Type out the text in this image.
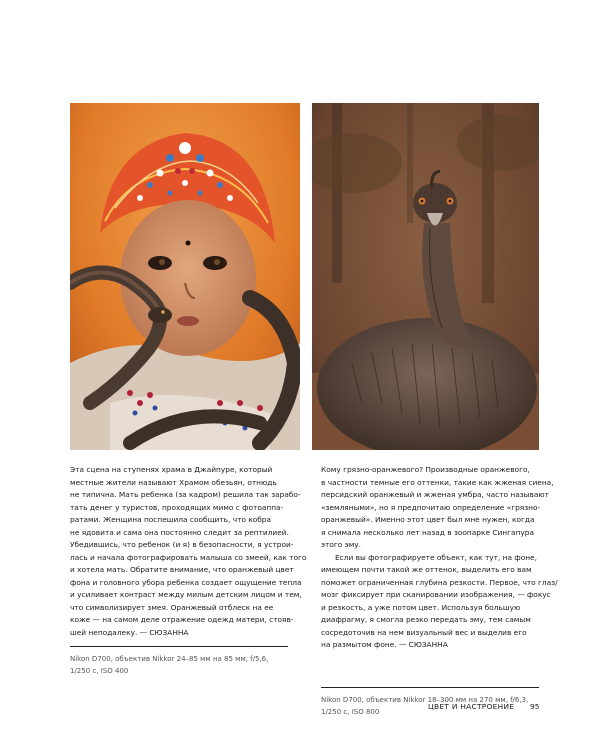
Эта сцена на ступенях храма в Джайпуре, который
местные жители называют Храмом обезьян, отнюдь
не типична. Мать ребенка (за кадром) решила так зарабо-
тать денег у туристов, проходящих мимо с фотоаппа-
ратами. Женщина поспешила сообщить, что кобра
не ядовита и сама она постоянно следит за рептилией.
Убедившись, что ребенок (и я) в безопасности, я устрои-
лась и начала фотографировать малыша со змеей, как того
и хотела мать. Обратите внимание, что оранжевый цвет
фона и головного убора ребенка создает ощущение тепла
и усиливает контраст между милым детским лицом и тем,
что символизирует змея. Оранжевый отблеск на ее
коже — на самом деле отражение одежд матери, стояв-
шей неподалеку. — СЮЗАННА

Nikon D700, объектив Nikkor 24–85 мм на 85 мм, f/5,6,
1/250 с, ISO 400

Кому грязно-оранжевого? Производные оранжевого,
в частности темные его оттенки, такие как жженая сиена,
персидский оранжевый и жженая умбра, часто называют
«земляными», но я предпочитаю определение «грязно-
оранжевый». Именно этот цвет был мне нужен, когда
я снимала несколько лет назад в зоопарке Сингапура
этого эму.

Если вы фотографируете объект, как тут, на фоне,
имеющем почти такой же оттенок, выделить его вам
поможет ограниченная глубина резкости. Первое, что глаз/
мозг фиксирует при сканировании изображения, — фокус
и резкость, а уже потом цвет. Используя большую
диафрагму, я смогла резко передать эму, тем самым
сосредоточив на нем визуальный вес и выделив его
на размытом фоне. — СЮЗАННА

Nikon D700, объектив Nikkor 18–300 мм на 270 мм, f/6,3,
1/250 с, ISO 800
ЦВЕТ И НАСТРОЕНИЕ 95
